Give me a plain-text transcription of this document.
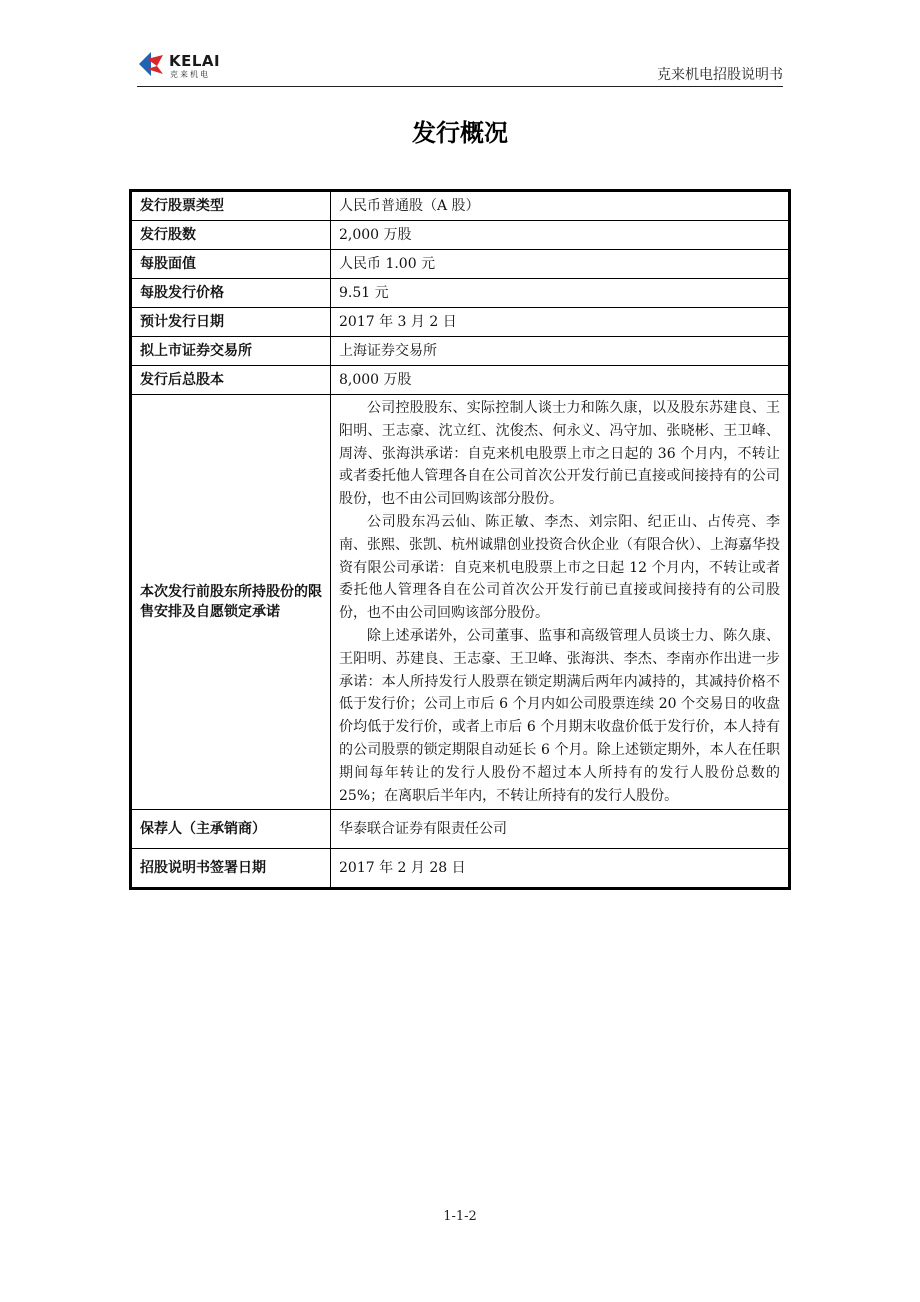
KELAI
克来机电	克来机电招股说明书
发行概况
发行股票类型	人民币普通股（A 股）
发行股数	2,000 万股
每股面值	人民币 1.00 元
每股发行价格	9.51 元
预计发行日期	2017 年 3 月 2 日
拟上市证券交易所	上海证券交易所
发行后总股本	8,000 万股
本次发行前股东所持股份的限售安排及自愿锁定承诺	公司控股股东、实际控制人谈士力和陈久康，以及股东苏建良、王阳明、王志豪、沈立红、沈俊杰、何永义、冯守加、张晓彬、王卫峰、周涛、张海洪承诺：自克来机电股票上市之日起的 36 个月内，不转让或者委托他人管理各自在公司首次公开发行前已直接或间接持有的公司股份，也不由公司回购该部分股份。

公司股东冯云仙、陈正敏、李杰、刘宗阳、纪正山、占传亮、李南、张熙、张凯、杭州诚鼎创业投资合伙企业（有限合伙）、上海嘉华投资有限公司承诺：自克来机电股票上市之日起 12 个月内，不转让或者委托他人管理各自在公司首次公开发行前已直接或间接持有的公司股份，也不由公司回购该部分股份。

除上述承诺外，公司董事、监事和高级管理人员谈士力、陈久康、王阳明、苏建良、王志豪、王卫峰、张海洪、李杰、李南亦作出进一步承诺：本人所持发行人股票在锁定期满后两年内减持的，其减持价格不低于发行价；公司上市后 6 个月内如公司股票连续 20 个交易日的收盘价均低于发行价，或者上市后 6 个月期末收盘价低于发行价，本人持有的公司股票的锁定期限自动延长 6 个月。除上述锁定期外，本人在任职期间每年转让的发行人股份不超过本人所持有的发行人股份总数的 25%；在离职后半年内，不转让所持有的发行人股份。

保荐人（主承销商）	华泰联合证券有限责任公司
招股说明书签署日期	2017 年 2 月 28 日
1-1-2
